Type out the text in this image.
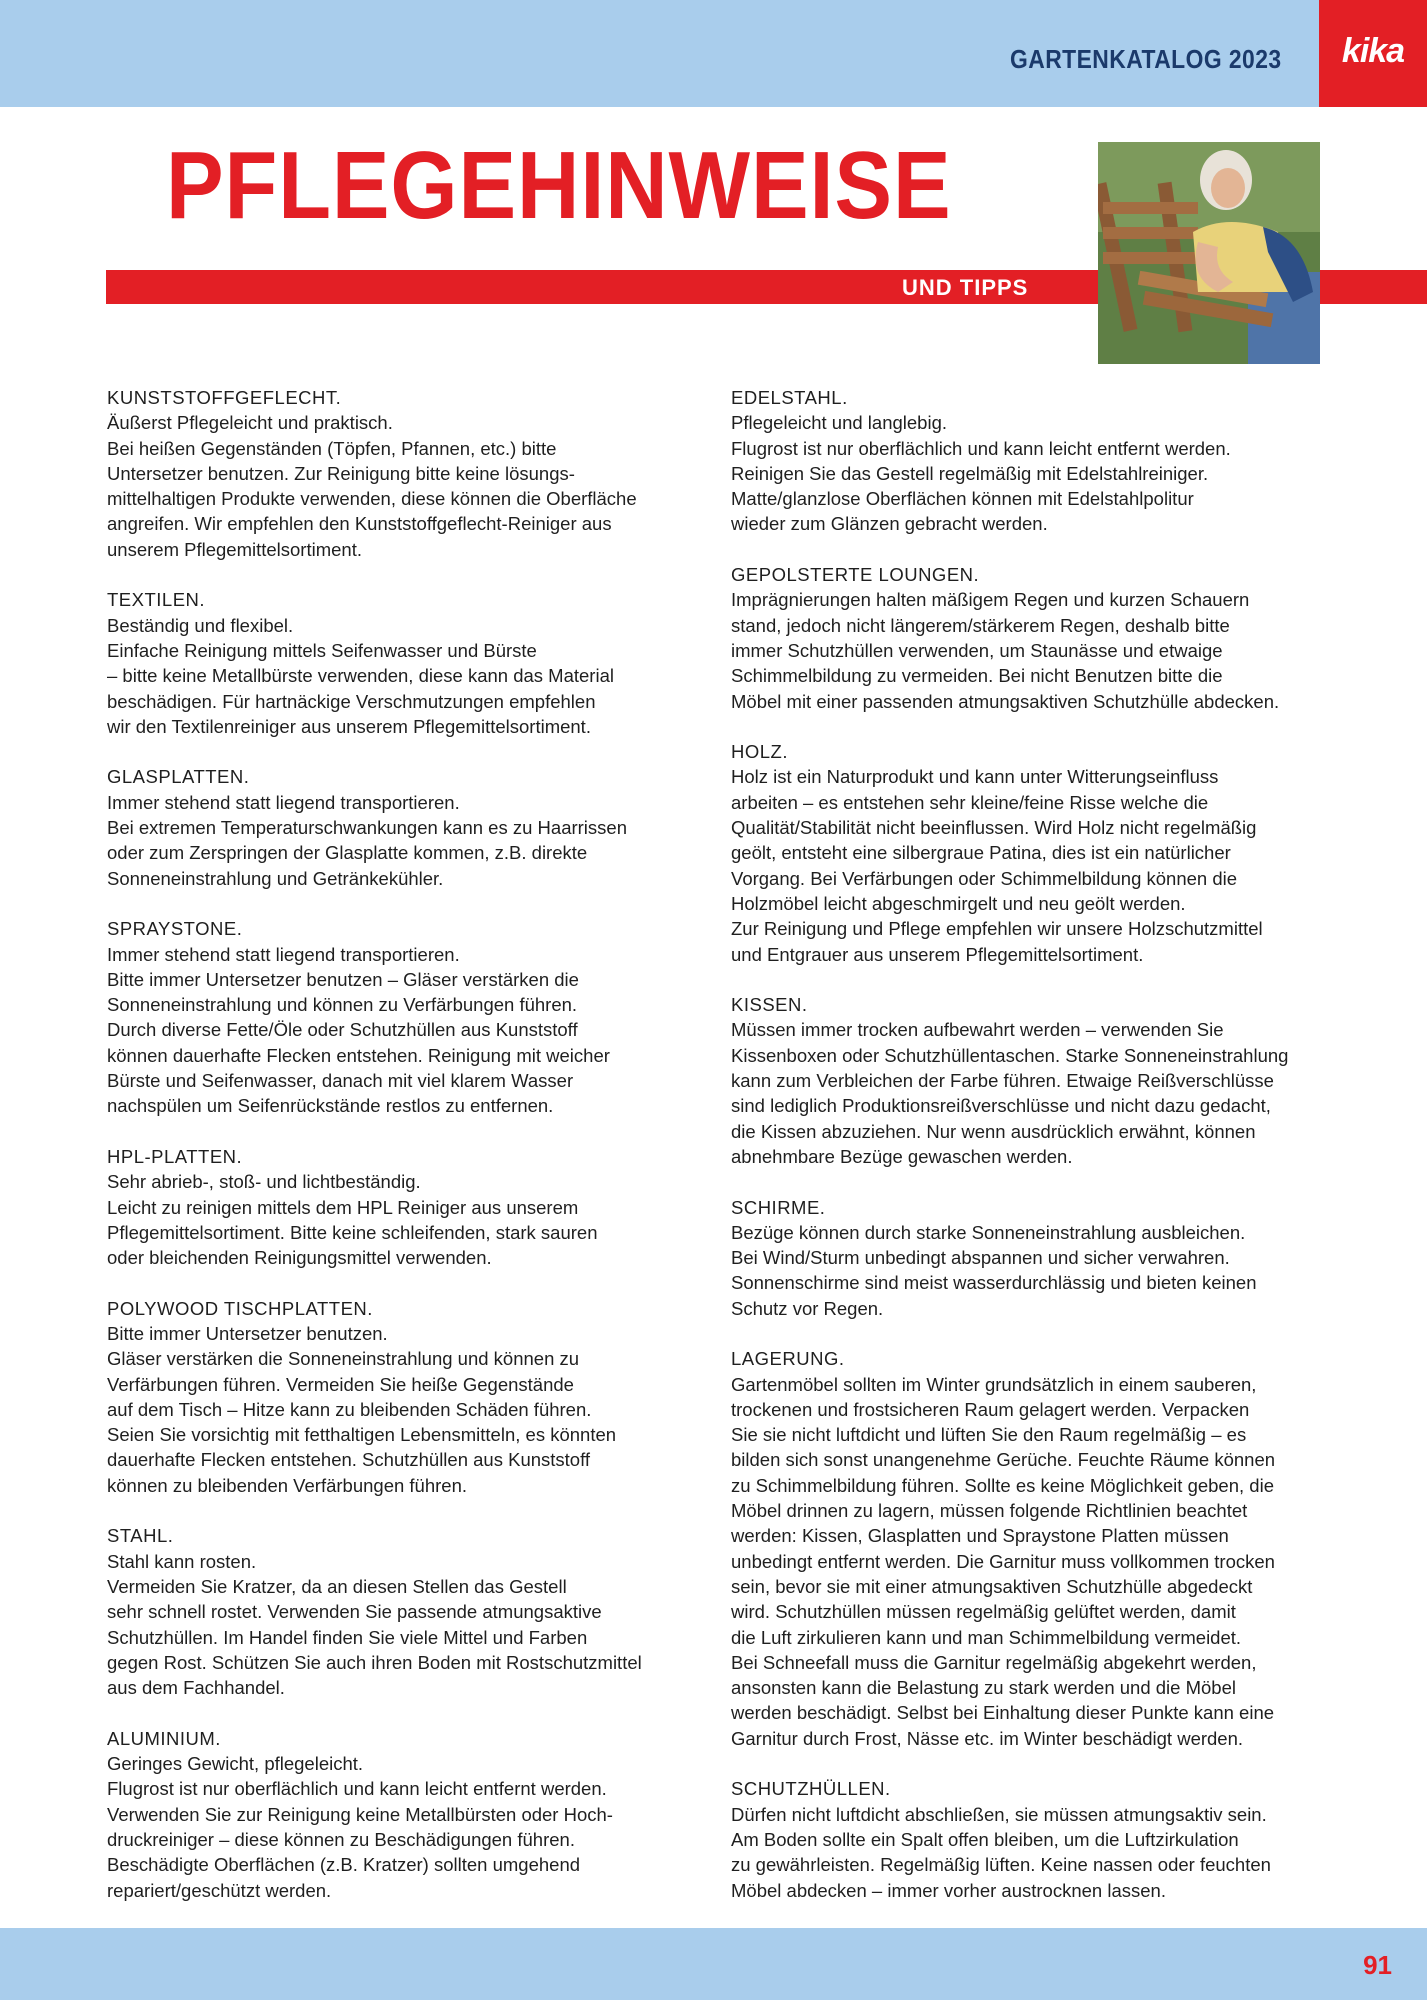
GARTENKATALOG 2023 kika
PFLEGEHINWEISE
UND TIPPS
KUNSTSTOFFGEFLECHT.
Äußerst Pflegeleicht und praktisch.
Bei heißen Gegenständen (Töpfen, Pfannen, etc.) bitte
Untersetzer benutzen. Zur Reinigung bitte keine lösungs-
mittelhaltigen Produkte verwenden, diese können die Oberfläche
angreifen. Wir empfehlen den Kunststoffgeflecht-Reiniger aus
unserem Pflegemittelsortiment.
TEXTILEN.
Beständig und flexibel.
Einfache Reinigung mittels Seifenwasser und Bürste
– bitte keine Metallbürste verwenden, diese kann das Material
beschädigen. Für hartnäckige Verschmutzungen empfehlen
wir den Textilenreiniger aus unserem Pflegemittelsortiment.
GLASPLATTEN.
Immer stehend statt liegend transportieren.
Bei extremen Temperaturschwankungen kann es zu Haarrissen
oder zum Zerspringen der Glasplatte kommen, z.B. direkte
Sonneneinstrahlung und Getränkekühler.
SPRAYSTONE.
Immer stehend statt liegend transportieren.
Bitte immer Untersetzer benutzen – Gläser verstärken die
Sonneneinstrahlung und können zu Verfärbungen führen.
Durch diverse Fette/Öle oder Schutzhüllen aus Kunststoff
können dauerhafte Flecken entstehen. Reinigung mit weicher
Bürste und Seifenwasser, danach mit viel klarem Wasser
nachspülen um Seifenrückstände restlos zu entfernen.
HPL-PLATTEN.
Sehr abrieb-, stoß- und lichtbeständig.
Leicht zu reinigen mittels dem HPL Reiniger aus unserem
Pflegemittelsortiment. Bitte keine schleifenden, stark sauren
oder bleichenden Reinigungsmittel verwenden.
POLYWOOD TISCHPLATTEN.
Bitte immer Untersetzer benutzen.
Gläser verstärken die Sonneneinstrahlung und können zu
Verfärbungen führen. Vermeiden Sie heiße Gegenstände
auf dem Tisch – Hitze kann zu bleibenden Schäden führen.
Seien Sie vorsichtig mit fetthaltigen Lebensmitteln, es könnten
dauerhafte Flecken entstehen. Schutzhüllen aus Kunststoff
können zu bleibenden Verfärbungen führen.
STAHL.
Stahl kann rosten.
Vermeiden Sie Kratzer, da an diesen Stellen das Gestell
sehr schnell rostet. Verwenden Sie passende atmungsaktive
Schutzhüllen. Im Handel finden Sie viele Mittel und Farben
gegen Rost. Schützen Sie auch ihren Boden mit Rostschutzmittel
aus dem Fachhandel.
ALUMINIUM.
Geringes Gewicht, pflegeleicht.
Flugrost ist nur oberflächlich und kann leicht entfernt werden.
Verwenden Sie zur Reinigung keine Metallbürsten oder Hoch-
druckreiniger – diese können zu Beschädigungen führen.
Beschädigte Oberflächen (z.B. Kratzer) sollten umgehend
repariert/geschützt werden.
EDELSTAHL.
Pflegeleicht und langlebig.
Flugrost ist nur oberflächlich und kann leicht entfernt werden.
Reinigen Sie das Gestell regelmäßig mit Edelstahlreiniger.
Matte/glanzlose Oberflächen können mit Edelstahlpolitur
wieder zum Glänzen gebracht werden.
GEPOLSTERTE LOUNGEN.
Imprägnierungen halten mäßigem Regen und kurzen Schauern
stand, jedoch nicht längerem/stärkerem Regen, deshalb bitte
immer Schutzhüllen verwenden, um Staunässe und etwaige
Schimmelbildung zu vermeiden. Bei nicht Benutzen bitte die
Möbel mit einer passenden atmungsaktiven Schutzhülle abdecken.
HOLZ.
Holz ist ein Naturprodukt und kann unter Witterungseinfluss
arbeiten – es entstehen sehr kleine/feine Risse welche die
Qualität/Stabilität nicht beeinflussen. Wird Holz nicht regelmäßig
geölt, entsteht eine silbergraue Patina, dies ist ein natürlicher
Vorgang. Bei Verfärbungen oder Schimmelbildung können die
Holzmöbel leicht abgeschmirgelt und neu geölt werden.
Zur Reinigung und Pflege empfehlen wir unsere Holzschutzmittel
und Entgrauer aus unserem Pflegemittelsortiment.
KISSEN.
Müssen immer trocken aufbewahrt werden – verwenden Sie
Kissenboxen oder Schutzhüllentaschen. Starke Sonneneinstrahlung
kann zum Verbleichen der Farbe führen. Etwaige Reißverschlüsse
sind lediglich Produktionsreißverschlüsse und nicht dazu gedacht,
die Kissen abzuziehen. Nur wenn ausdrücklich erwähnt, können
abnehmbare Bezüge gewaschen werden.
SCHIRME.
Bezüge können durch starke Sonneneinstrahlung ausbleichen.
Bei Wind/Sturm unbedingt abspannen und sicher verwahren.
Sonnenschirme sind meist wasserdurchlässig und bieten keinen
Schutz vor Regen.
LAGERUNG.
Gartenmöbel sollten im Winter grundsätzlich in einem sauberen,
trockenen und frostsicheren Raum gelagert werden. Verpacken
Sie sie nicht luftdicht und lüften Sie den Raum regelmäßig – es
bilden sich sonst unangenehme Gerüche. Feuchte Räume können
zu Schimmelbildung führen. Sollte es keine Möglichkeit geben, die
Möbel drinnen zu lagern, müssen folgende Richtlinien beachtet
werden: Kissen, Glasplatten und Spraystone Platten müssen
unbedingt entfernt werden. Die Garnitur muss vollkommen trocken
sein, bevor sie mit einer atmungsaktiven Schutzhülle abgedeckt
wird. Schutzhüllen müssen regelmäßig gelüftet werden, damit
die Luft zirkulieren kann und man Schimmelbildung vermeidet.
Bei Schneefall muss die Garnitur regelmäßig abgekehrt werden,
ansonsten kann die Belastung zu stark werden und die Möbel
werden beschädigt. Selbst bei Einhaltung dieser Punkte kann eine
Garnitur durch Frost, Nässe etc. im Winter beschädigt werden.
SCHUTZHÜLLEN.
Dürfen nicht luftdicht abschließen, sie müssen atmungsaktiv sein.
Am Boden sollte ein Spalt offen bleiben, um die Luftzirkulation
zu gewährleisten. Regelmäßig lüften. Keine nassen oder feuchten
Möbel abdecken – immer vorher austrocknen lassen.
91
